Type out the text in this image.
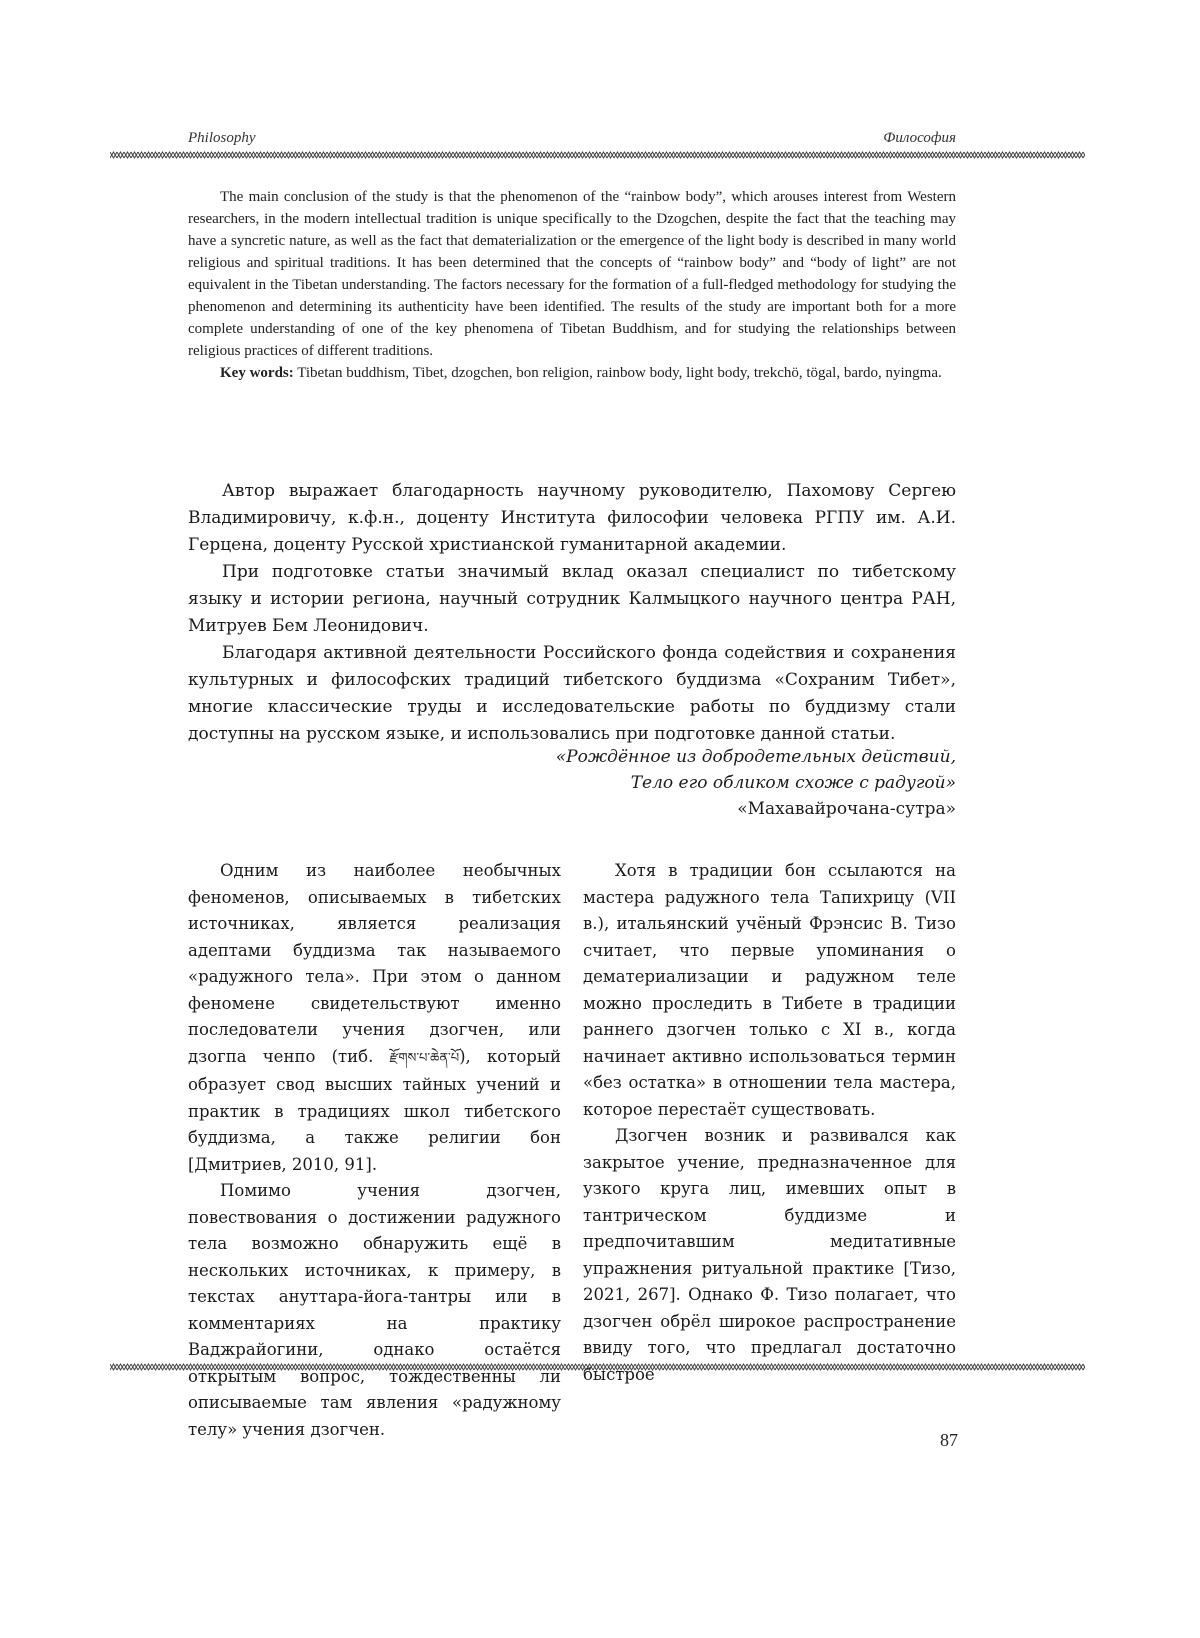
Philosophy	Философия

The main conclusion of the study is that the phenomenon of the “rainbow body”, which arouses interest from Western researchers, in the modern intellectual tradition is unique specifically to the Dzogchen, despite the fact that the teaching may have a syncretic nature, as well as the fact that dematerialization or the emergence of the light body is described in many world religious and spiritual traditions. It has been determined that the concepts of “rainbow body” and “body of light” are not equivalent in the Tibetan understanding. The factors necessary for the formation of a full-fledged methodology for studying the phenomenon and determining its authenticity have been identified. The results of the study are important both for a more complete understanding of one of the key phenomena of Tibetan Buddhism, and for studying the relationships between religious practices of different traditions.

Key words: Tibetan buddhism, Tibet, dzogchen, bon religion, rainbow body, light body, trekchö, tögal, bardo, nyingma.

Автор выражает благодарность научному руководителю, Пахомову Сергею Владимировичу, к.ф.н., доценту Института философии человека РГПУ им. А.И. Герцена, доценту Русской христианской гуманитарной академии.

При подготовке статьи значимый вклад оказал специалист по тибетскому языку и истории региона, научный сотрудник Калмыцкого научного центра РАН, Митруев Бем Леонидович.

Благодаря активной деятельности Российского фонда содействия и сохранения культурных и философских традиций тибетского буддизма «Сохраним Тибет», многие классические труды и исследовательские работы по буддизму стали доступны на русском языке, и использовались при подготовке данной статьи.

«Рождённое из добродетельных действий,
Тело его обликом схоже с радугой»
«Махавайрочана-сутра»

Одним из наиболее необычных феноменов, описываемых в тибетских источниках, является реализация адептами буддизма так называемого «радужного тела». При этом о данном феномене свидетельствуют именно последователи учения дзогчен, или дзогпа ченпо (тиб. རྫོགས་པ་ཆེན་པོ), который образует свод высших тайных учений и практик в традициях школ тибетского буддизма, а также религии бон [Дмитриев, 2010, 91].

Помимо учения дзогчен, повествования о достижении радужного тела возможно обнаружить ещё в нескольких источниках, к примеру, в текстах ануттара-йога-тантры или в комментариях на практику Ваджрайогини, однако остаётся открытым вопрос, тождественны ли описываемые там явления «радужному телу» учения дзогчен.

Хотя в традиции бон ссылаются на мастера радужного тела Тапихрицу (VII в.), итальянский учёный Фрэнсис В. Тизо считает, что первые упоминания о дематериализации и радужном теле можно проследить в Тибете в традиции раннего дзогчен только с XI в., когда начинает активно использоваться термин «без остатка» в отношении тела мастера, которое перестаёт существовать.

Дзогчен возник и развивался как закрытое учение, предназначенное для узкого круга лиц, имевших опыт в тантрическом буддизме и предпочитавшим медитативные упражнения ритуальной практике [Тизо, 2021, 267]. Однако Ф. Тизо полагает, что дзогчен обрёл широкое распространение ввиду того, что предлагал достаточно быстрое

87
